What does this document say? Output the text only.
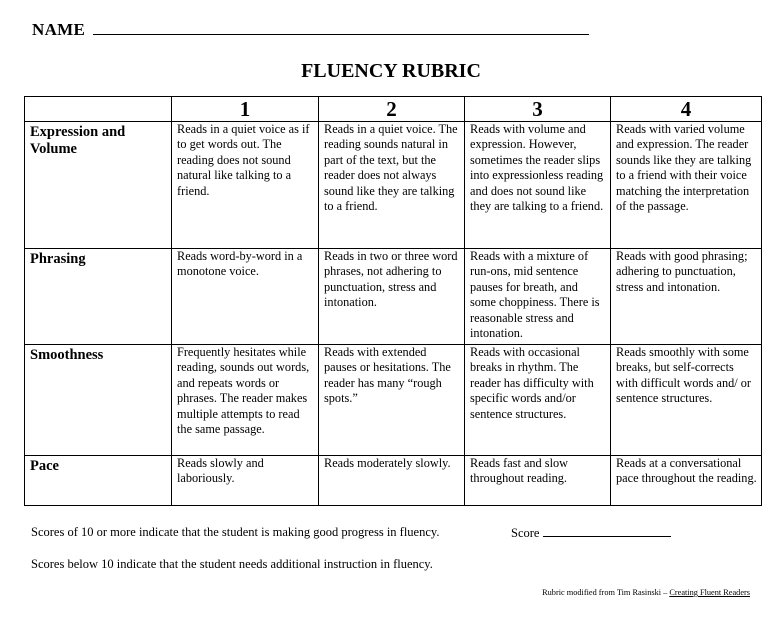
NAME
FLUENCY RUBRIC
	1	2	3	4
Expression and Volume	Reads in a quiet voice as if to get words out. The reading does not sound natural like talking to a friend.	Reads in a quiet voice. The reading sounds natural in part of the text, but the reader does not always sound like they are talking to a friend.	Reads with volume and expression. However, sometimes the reader slips into expressionless reading and does not sound like they are talking to a friend.	Reads with varied volume and expression. The reader sounds like they are talking to a friend with their voice matching the interpretation of the passage.
Phrasing	Reads word-by-word in a monotone voice.	Reads in two or three word phrases, not adhering to punctuation, stress and intonation.	Reads with a mixture of run-ons, mid sentence pauses for breath, and some choppiness. There is reasonable stress and intonation.	Reads with good phrasing; adhering to punctuation, stress and intonation.
Smoothness	Frequently hesitates while reading, sounds out words, and repeats words or phrases. The reader makes multiple attempts to read the same passage.	Reads with extended pauses or hesitations. The reader has many “rough spots.”	Reads with occasional breaks in rhythm. The reader has difficulty with specific words and/or sentence structures.	Reads smoothly with some breaks, but self-corrects with difficult words and/ or sentence structures.
Pace	Reads slowly and laboriously.	Reads moderately slowly.	Reads fast and slow throughout reading.	Reads at a conversational pace throughout the reading.
Scores of 10 or more indicate that the student is making good progress in fluency.	Score
Scores below 10 indicate that the student needs additional instruction in fluency.
Rubric modified from Tim Rasinski – Creating Fluent Readers
